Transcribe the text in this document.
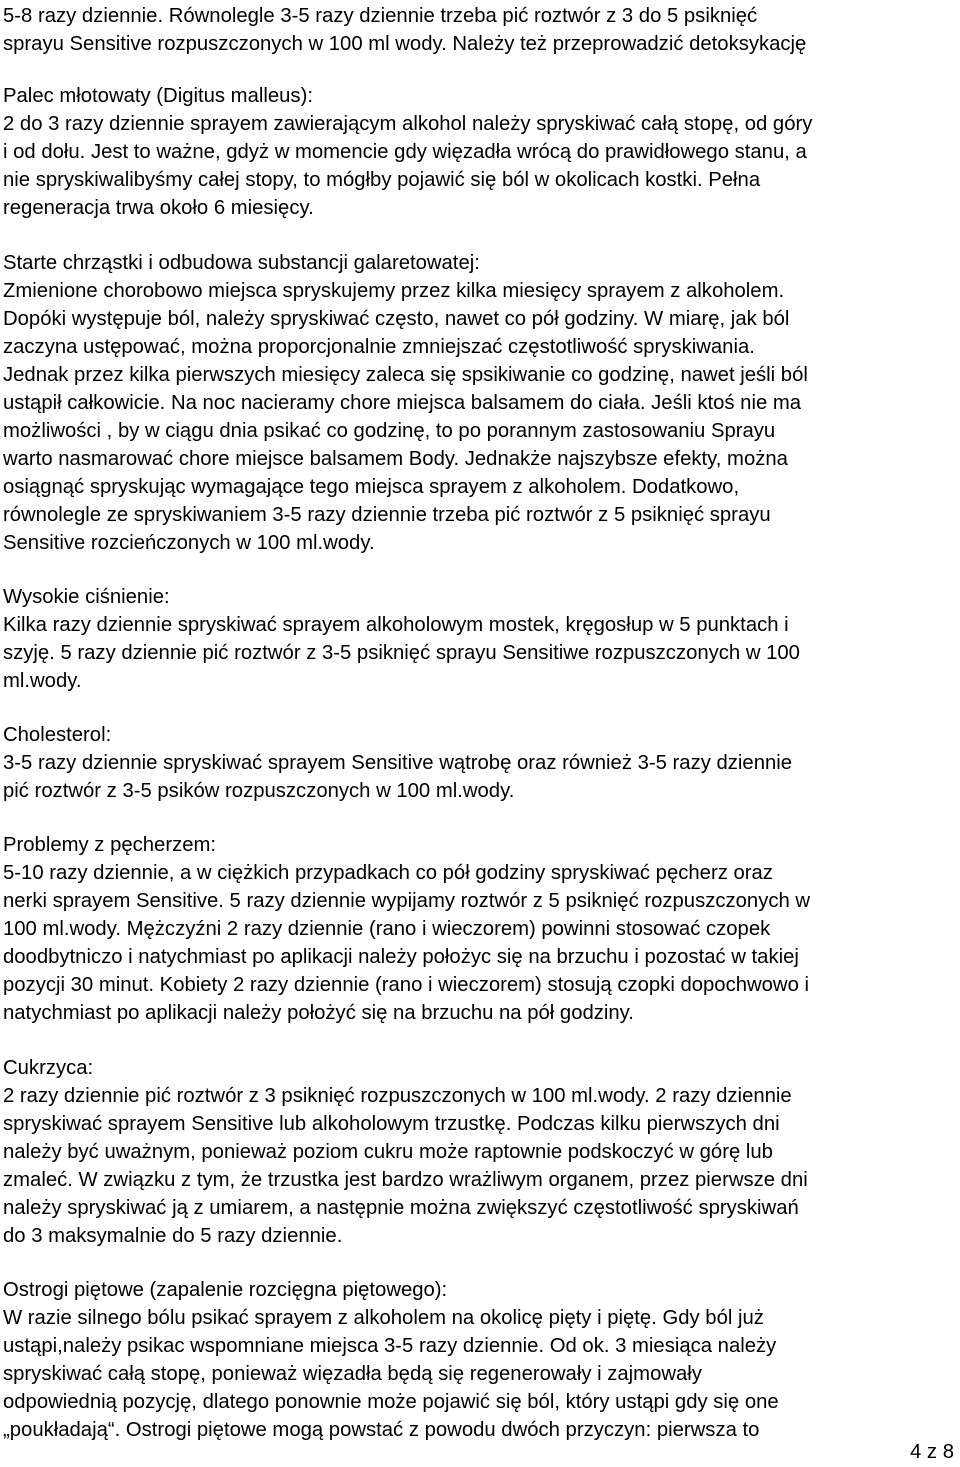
5-8 razy dziennie. Równolegle 3-5 razy dziennie trzeba pić roztwór z 3 do 5 psiknięć
sprayu Sensitive rozpuszczonych w 100 ml wody. Należy też przeprowadzić detoksykację
Palec młotowaty (Digitus malleus):
2 do 3 razy dziennie sprayem zawierającym alkohol należy spryskiwać całą stopę, od góry
i od dołu. Jest to ważne, gdyż w momencie gdy więzadła wrócą do prawidłowego stanu, a
nie spryskiwalibyśmy całej stopy, to mógłby pojawić się ból w okolicach kostki. Pełna
regeneracja trwa około 6 miesięcy.
Starte chrząstki i odbudowa substancji galaretowatej:
Zmienione chorobowo miejsca spryskujemy przez kilka miesięcy sprayem z alkoholem.
Dopóki występuje ból, należy spryskiwać często, nawet co pół godziny. W miarę, jak ból
zaczyna ustępować, można proporcjonalnie zmniejszać częstotliwość spryskiwania.
Jednak przez kilka pierwszych miesięcy zaleca się spsikiwanie co godzinę, nawet jeśli ból
ustąpił całkowicie. Na noc nacieramy chore miejsca balsamem do ciała. Jeśli ktoś nie ma
możliwości , by w ciągu dnia psikać co godzinę, to po porannym zastosowaniu Sprayu
warto nasmarować chore miejsce balsamem Body. Jednakże najszybsze efekty, można
osiągnąć spryskując wymagające tego miejsca sprayem z alkoholem. Dodatkowo,
równolegle ze spryskiwaniem 3-5 razy dziennie trzeba pić roztwór z 5 psiknięć sprayu
Sensitive rozcieńczonych w 100 ml.wody.
Wysokie ciśnienie:
Kilka razy dziennie spryskiwać sprayem alkoholowym mostek, kręgosłup w 5 punktach i
szyję. 5 razy dziennie pić roztwór z 3-5 psiknięć sprayu Sensitiwe rozpuszczonych w 100
ml.wody.
Cholesterol:
3-5 razy dziennie spryskiwać sprayem Sensitive wątrobę oraz również 3-5 razy dziennie
pić roztwór z 3-5 psików rozpuszczonych w 100 ml.wody.
Problemy z pęcherzem:
5-10 razy dziennie, a w ciężkich przypadkach co pół godziny spryskiwać pęcherz oraz
nerki sprayem Sensitive. 5 razy dziennie wypijamy roztwór z 5 psiknięć rozpuszczonych w
100 ml.wody. Mężczyźni 2 razy dziennie (rano i wieczorem) powinni stosować czopek
doodbytniczo i natychmiast po aplikacji należy położyc się na brzuchu i pozostać w takiej
pozycji 30 minut. Kobiety 2 razy dziennie (rano i wieczorem) stosują czopki dopochwowo i
natychmiast po aplikacji należy położyć się na brzuchu na pół godziny.
Cukrzyca:
2 razy dziennie pić roztwór z 3 psiknięć rozpuszczonych w 100 ml.wody. 2 razy dziennie
spryskiwać sprayem Sensitive lub alkoholowym trzustkę. Podczas kilku pierwszych dni
należy być uważnym, ponieważ poziom cukru może raptownie podskoczyć w górę lub
zmaleć. W związku z tym, że trzustka jest bardzo wrażliwym organem, przez pierwsze dni
należy spryskiwać ją z umiarem, a następnie można zwiększyć częstotliwość spryskiwań
do 3 maksymalnie do 5 razy dziennie.
Ostrogi piętowe (zapalenie rozcięgna piętowego):
W razie silnego bólu psikać sprayem z alkoholem na okolicę pięty i piętę. Gdy ból już
ustąpi,należy psikac wspomniane miejsca 3-5 razy dziennie. Od ok. 3 miesiąca należy
spryskiwać całą stopę, ponieważ więzadła będą się regenerowały i zajmowały
odpowiednią pozycję, dlatego ponownie może pojawić się ból, który ustąpi gdy się one
„poukładają“. Ostrogi piętowe mogą powstać z powodu dwóch przyczyn: pierwsza to
4 z 8
